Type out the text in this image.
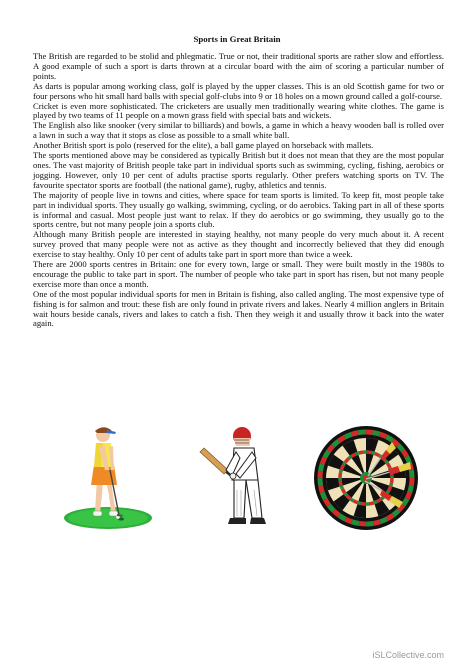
Sports in Great Britain

The British are regarded to be stolid and phlegmatic. True or not, their traditional sports are rather slow and effortless. A good example of such a sport is darts thrown at a circular board with the aim of scoring a particular number of points.

As darts is popular among working class, golf is played by the upper classes. This is an old Scottish game for two or four persons who hit small hard balls with special golf-clubs into 9 or 18 holes on a mown ground called a golf-course.

Cricket is even more sophisticated. The cricketers are usually men traditionally wearing white clothes. The game is played by two teams of 11 people on a mown grass field with special bats and wickets.

The English also like snooker (very similar to billiards) and bowls, a game in which a heavy wooden ball is rolled over a lawn in such a way that it stops as close as possible to a small white ball.

Another British sport is polo (reserved for the elite), a ball game played on horseback with mallets.

The sports mentioned above may be considered as typically British but it does not mean that they are the most popular ones. The vast majority of British people take part in individual sports such as swimming, cycling, fishing, aerobics or jogging. However, only 10 per cent of adults practise sports regularly. Other prefers watching sports on TV. The favourite spectator sports are football (the national game), rugby, athletics and tennis.

The majority of people live in towns and cities, where space for team sports is limited. To keep fit, most people take part in individual sports. They usually go walking, swimming, cycling, or do aerobics. Taking part in all of these sports is informal and casual. Most people just want to relax. If they do aerobics or go swimming, they usually go to the sports centre, but not many people join a sports club.

Although many British people are interested in staying healthy, not many people do very much about it. A recent survey proved that many people were not as active as they thought and incorrectly believed that they did enough exercise to stay healthy. Only 10 per cent of adults take part in sport more than twice a week.

There are 2000 sports centres in Britain: one for every town, large or small. They were built mostly in the 1980s to encourage the public to take part in sport. The number of people who take part in sport has risen, but not many people exercise more than once a month.

One of the most popular individual sports for men in Britain is fishing, also called angling. The most expensive type of fishing is for salmon and trout: these fish are only found in private rivers and lakes. Nearly 4 million anglers in Britain wait hours beside canals, rivers and lakes to catch a fish. Then they weigh it and usually throw it back into the water again.

iSLCollective.com
